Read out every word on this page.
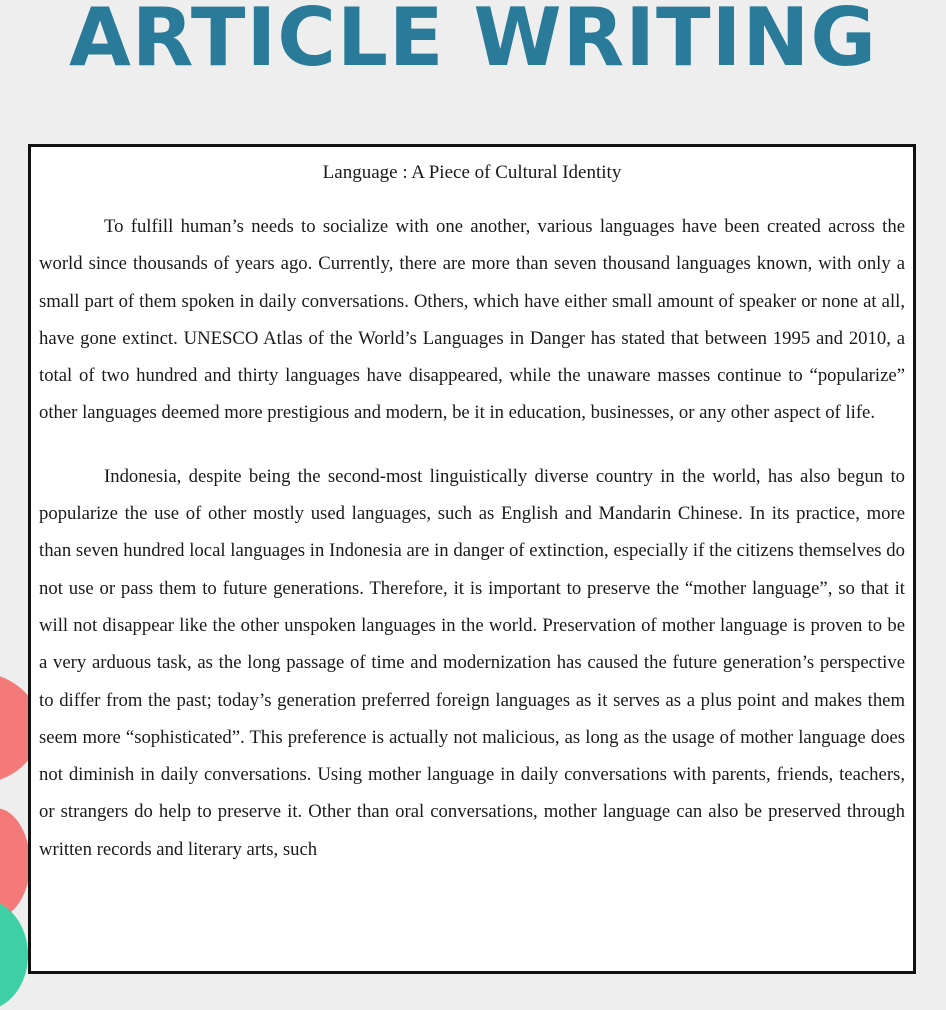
ARTICLE WRITING
Language : A Piece of Cultural Identity

To fulfill human’s needs to socialize with one another, various languages have been created across the world since thousands of years ago. Currently, there are more than seven thousand languages known, with only a small part of them spoken in daily conversations. Others, which have either small amount of speaker or none at all, have gone extinct. UNESCO Atlas of the World’s Languages in Danger has stated that between 1995 and 2010, a total of two hundred and thirty languages have disappeared, while the unaware masses continue to “popularize” other languages deemed more prestigious and modern, be it in education, businesses, or any other aspect of life.

Indonesia, despite being the second-most linguistically diverse country in the world, has also begun to popularize the use of other mostly used languages, such as English and Mandarin Chinese. In its practice, more than seven hundred local languages in Indonesia are in danger of extinction, especially if the citizens themselves do not use or pass them to future generations. Therefore, it is important to preserve the “mother language”, so that it will not disappear like the other unspoken languages in the world. Preservation of mother language is proven to be a very arduous task, as the long passage of time and modernization has caused the future generation’s perspective to differ from the past; today’s generation preferred foreign languages as it serves as a plus point and makes them seem more “sophisticated”. This preference is actually not malicious, as long as the usage of mother language does not diminish in daily conversations. Using mother language in daily conversations with parents, friends, teachers, or strangers do help to preserve it. Other than oral conversations, mother language can also be preserved through written records and literary arts, such
